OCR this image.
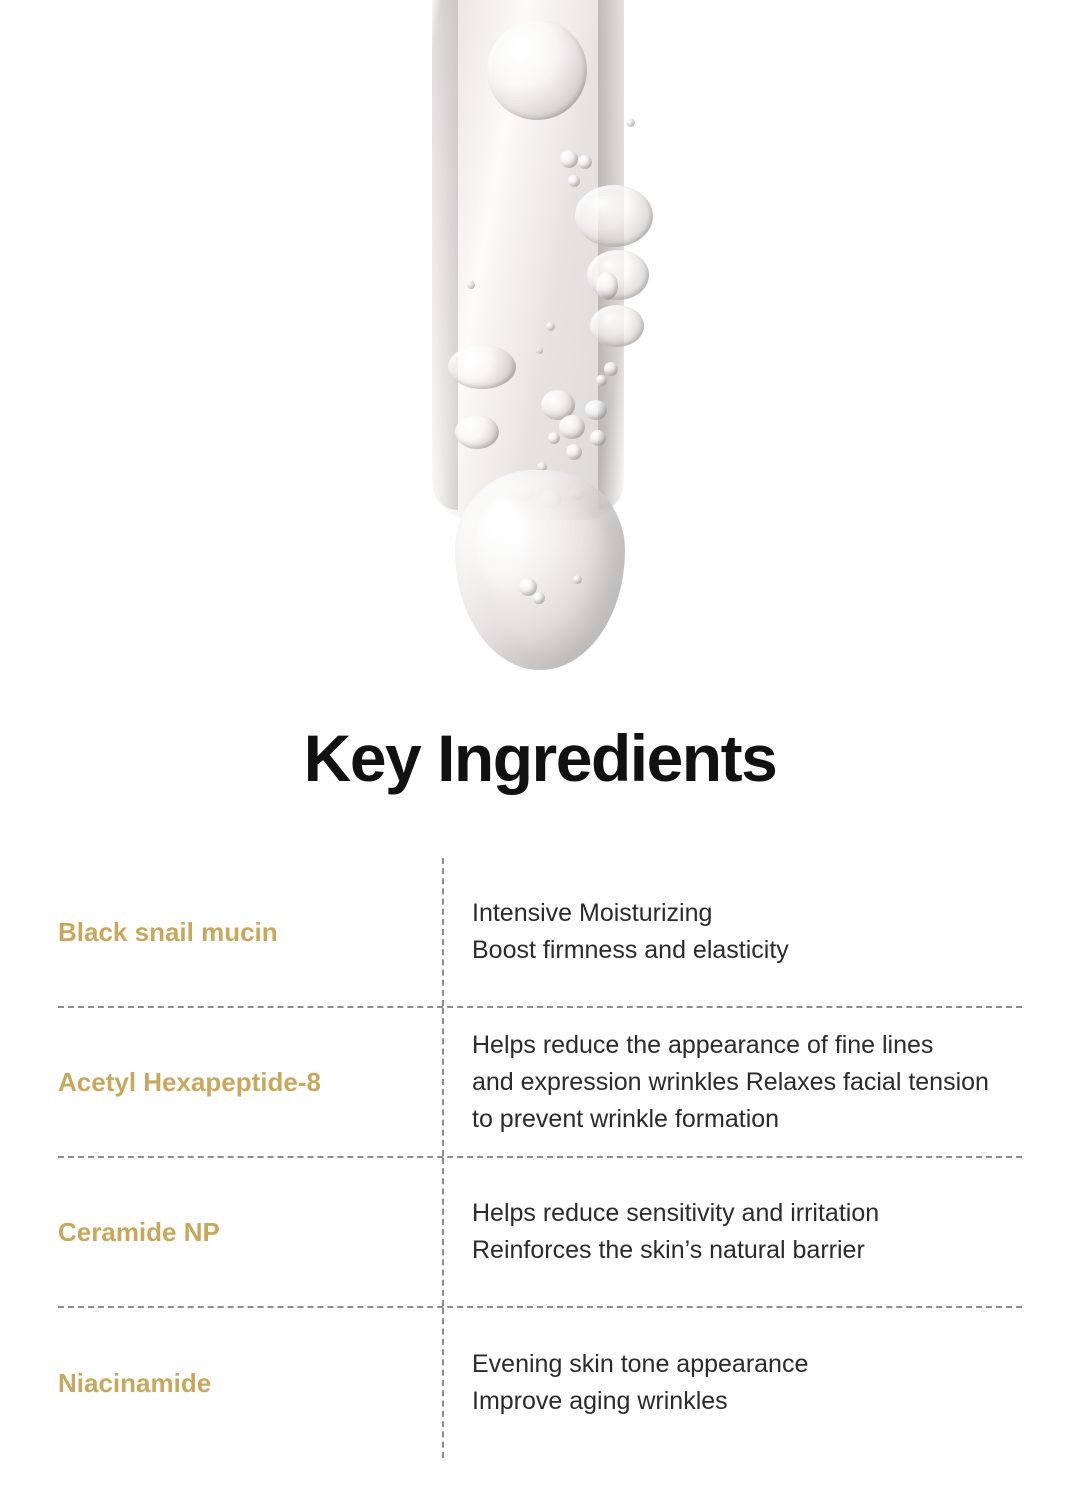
Key Ingredients
Black snail mucin
Intensive Moisturizing
Boost firmness and elasticity
Acetyl Hexapeptide-8
Helps reduce the appearance of fine lines
and expression wrinkles Relaxes facial tension
to prevent wrinkle formation
Ceramide NP
Helps reduce sensitivity and irritation
Reinforces the skin’s natural barrier
Niacinamide
Evening skin tone appearance
Improve aging wrinkles
